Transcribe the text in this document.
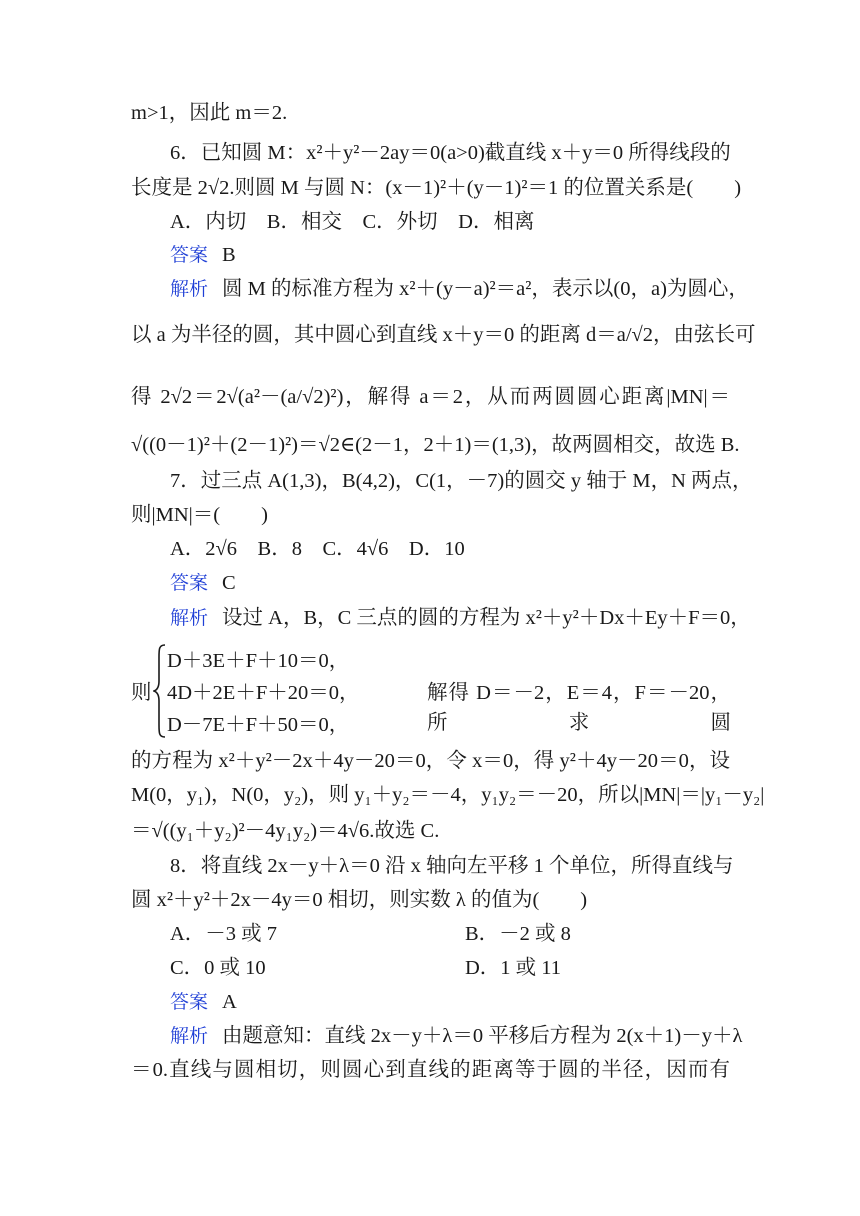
m>1，因此 m＝2.
6．已知圆 M：x²＋y²－2ay＝0(a>0)截直线 x＋y＝0 所得线段的
长度是 2√2.则圆 M 与圆 N：(x－1)²＋(y－1)²＝1 的位置关系是(　　)
A．内切　B．相交　C．外切　D．相离
答案 B
解析 圆 M 的标准方程为 x²＋(y－a)²＝a²，表示以(0，a)为圆心，
以 a 为半径的圆，其中圆心到直线 x＋y＝0 的距离 d＝a/√2，由弦长可
得 2√2＝2√(a²－(a/√2)²)，解得 a＝2，从而两圆圆心距离|MN|＝
√((0－1)²＋(2－1)²)＝√2∈(2－1，2＋1)＝(1,3)，故两圆相交，故选 B.
7．过三点 A(1,3)，B(4,2)，C(1，－7)的圆交 y 轴于 M，N 两点，
则|MN|＝(　　)
A．2√6　B．8　C．4√6　D．10
答案 C
解析 设过 A，B，C 三点的圆的方程为 x²＋y²＋Dx＋Ey＋F＝0，
则
D＋3E＋F＋10＝0，
4D＋2E＋F＋20＝0，
D－7E＋F＋50＝0，
解得 D＝－2，E＝4，F＝－20，所求圆
的方程为 x²＋y²－2x＋4y－20＝0，令 x＝0，得 y²＋4y－20＝0，设
M(0，y₁)，N(0，y₂)，则 y₁＋y₂＝－4，y₁y₂＝－20，所以|MN|＝|y₁－y₂|
＝√((y₁＋y₂)²－4y₁y₂)＝4√6.故选 C.
8．将直线 2x－y＋λ＝0 沿 x 轴向左平移 1 个单位，所得直线与
圆 x²＋y²＋2x－4y＝0 相切，则实数 λ 的值为(　　)
A．－3 或 7	B．－2 或 8
C．0 或 10	D．1 或 11
答案 A
解析 由题意知：直线 2x－y＋λ＝0 平移后方程为 2(x＋1)－y＋λ
＝0.直线与圆相切，则圆心到直线的距离等于圆的半径，因而有
